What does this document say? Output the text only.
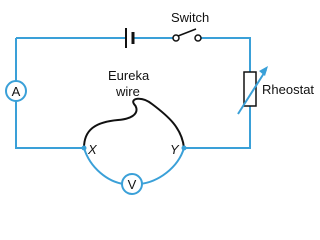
Switch
Rheostat
A
Eureka
wire
X	Y
V
